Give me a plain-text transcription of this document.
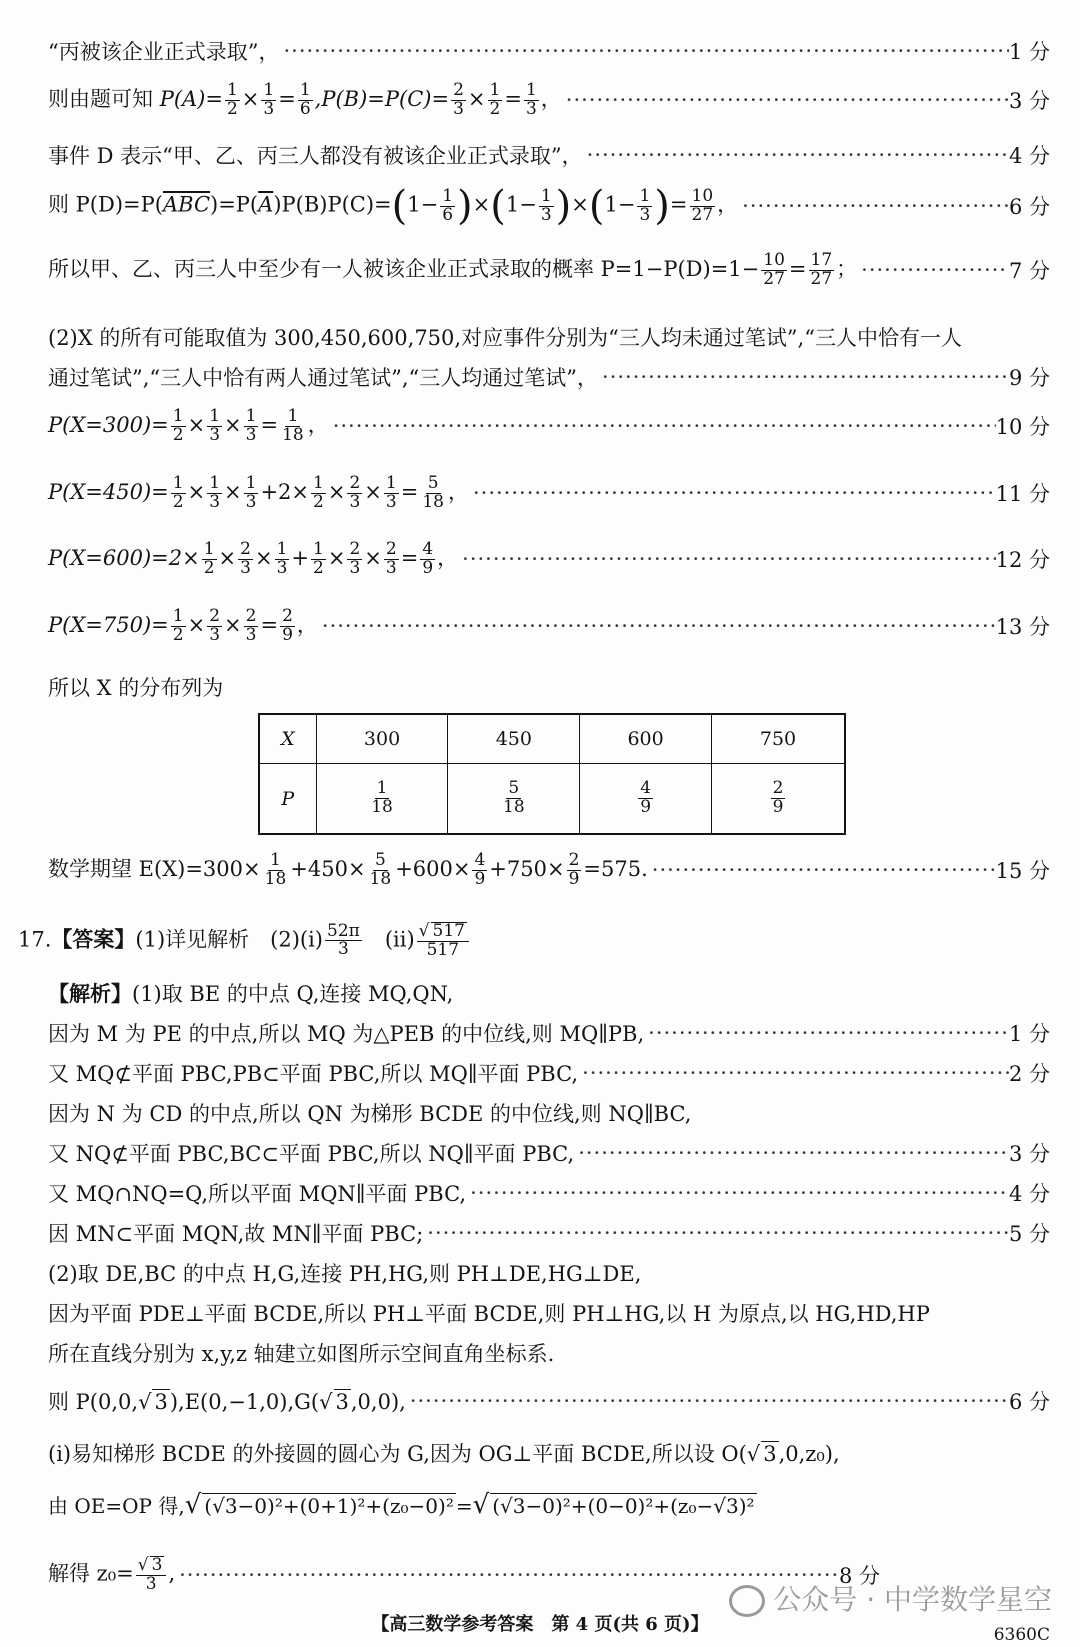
“丙被该企业正式录取”， ·····	1 分
则由题可知 $P(A)= \frac{1}{2} \times \frac{1}{3} = \frac{1}{6} ,P(B)=P(C)= \frac{2}{3} \times \frac{1}{2} = \frac{1}{3}$ ， ·····	3 分
事件 D 表示“甲、乙、丙三人都没有被该企业正式录取”， ·····	4 分
则 $P(D)=P(\overline{ABC})=P(\overline{A})P(B)P(C)=(1- \frac{1}{6} )\times(1- \frac{1}{3} )\times(1- \frac{1}{3}$ )= $\frac{10}{27}$ ， ·····	6 分
所以甲、乙、丙三人中至少有一人被该企业正式录取的概率 $P=1-P(D)=1- \frac{10}{27} = \frac{17}{27}$ ； ·····	7 分
(2)X 的所有可能取值为 300,450,600,750,对应事件分别为“三人均未通过笔试”,“三人中恰有一人
通过笔试”,“三人中恰有两人通过笔试”,“三人均通过笔试”， ·····	9 分
$P(X=300)= \frac{1}{2} \times \frac{1}{3} \times \frac{1}{3} = \frac{1}{18}$ ， ·····	10 分
$P(X=450)= \frac{1}{2} \times \frac{1}{3} \times \frac{1}{3} +2\times \frac{1}{2} \times \frac{2}{3} \times \frac{1}{3} = \frac{5}{18}$ ， ·····	11 分
$P(X=600)=2\times \frac{1}{2} \times \frac{2}{3} \times \frac{1}{3} + \frac{1}{2} \times \frac{2}{3} \times \frac{2}{3} = \frac{4}{9}$ ， ·····	12 分
$P(X=750)= \frac{1}{2} \times \frac{2}{3} \times \frac{2}{3} = \frac{2}{9}$ ， ·····	13 分
所以 X 的分布列为
X	300	450	600	750
P	$\frac{1}{18}$	$\frac{5}{18}$	$\frac{4}{9}$	$\frac{2}{9}$
数学期望 $E(X)=300\times \frac{1}{18} +450\times \frac{5}{18} +600\times \frac{4}{9} +750\times \frac{2}{9} =575$. ·····	15 分
17.【答案】(1)详见解析　$(2)(i) \frac{52\pi}{3}$ 　$(ii) \frac{√ 517}{517}$
【解析】(1)取 BE 的中点 Q,连接 MQ,QN,
因为 M 为 PE 的中点,所以 MQ 为△PEB 的中位线,则 MQ∥PB, ·····	1 分
又 MQ⊄平面 PBC,PB⊂平面 PBC,所以 MQ∥平面 PBC, ·····	2 分
因为 N 为 CD 的中点,所以 QN 为梯形 BCDE 的中位线,则 NQ∥BC,
又 NQ⊄平面 PBC,BC⊂平面 PBC,所以 NQ∥平面 PBC, ·····	3 分
又 MQ∩NQ=Q,所以平面 MQN∥平面 PBC, ·····	4 分
因 MN⊂平面 MQN,故 MN∥平面 PBC; ·····	5 分
(2)取 DE,BC 的中点 H,G,连接 PH,HG,则 PH⊥DE,HG⊥DE,
因为平面 PDE⊥平面 BCDE,所以 PH⊥平面 BCDE,则 PH⊥HG,以 H 为原点,以 HG,HD,HP
所在直线分别为 x,y,z 轴建立如图所示空间直角坐标系.
则 P(0,0,√ 3),E(0,−1,0),G(√ 3,0,0), ·····	6 分
(i)易知梯形 BCDE 的外接圆的圆心为 G,因为 OG⊥平面 BCDE,所以设 O(√ 3,0,z₀),
由 OE=OP 得,√ (√3−0)²+(0+1)²+(z₀−0)² =√ (√3−0)²+(0−0)²+(z₀−√3)²
解得 $z_0= \frac{√ 3}{3}$ , ·····	8 分
公众号 · 中学数学星空
【高三数学参考答案　第 4 页(共 6 页)】	6360C
